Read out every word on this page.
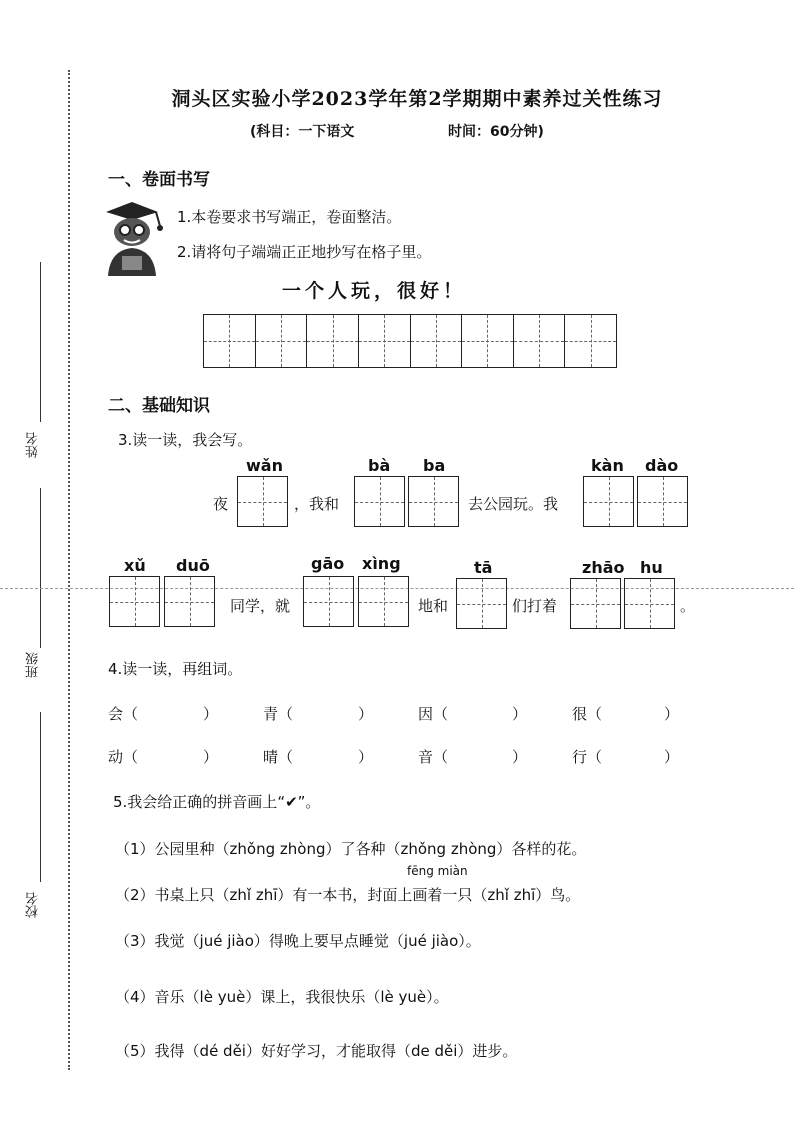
姓名
班级
校名
洞头区实验小学2023学年第2学期期中素养过关性练习
(科目：一下语文	时间：60分钟)
一、卷面书写
1.本卷要求书写端正，卷面整洁。
2.请将句子端端正正地抄写在格子里。
一个人玩，很好！
二、基础知识
3.读一读，我会写。
wǎn	bà ba	kàn dào
夜	，我和	去公园玩。我
xǔ duō	gāo xìng	tā	zhāo hu
同学，就	地和	们打着	。
4.读一读，再组词。
会（	）	青（	）	因（	）	很（	）
动（	）	晴（	）	音（	）	行（	）
5.我会给正确的拼音画上“✔”。
（1）公园里种（zhǒng zhòng）了各种（zhǒng zhòng）各样的花。
fēng miàn
（2）书桌上只（zhǐ zhī）有一本书，封面上画着一只（zhǐ zhī）鸟。
（3）我觉（jué jiào）得晚上要早点睡觉（jué jiào）。
（4）音乐（lè yuè）课上，我很快乐（lè yuè）。
（5）我得（dé děi）好好学习，才能取得（de děi）进步。
